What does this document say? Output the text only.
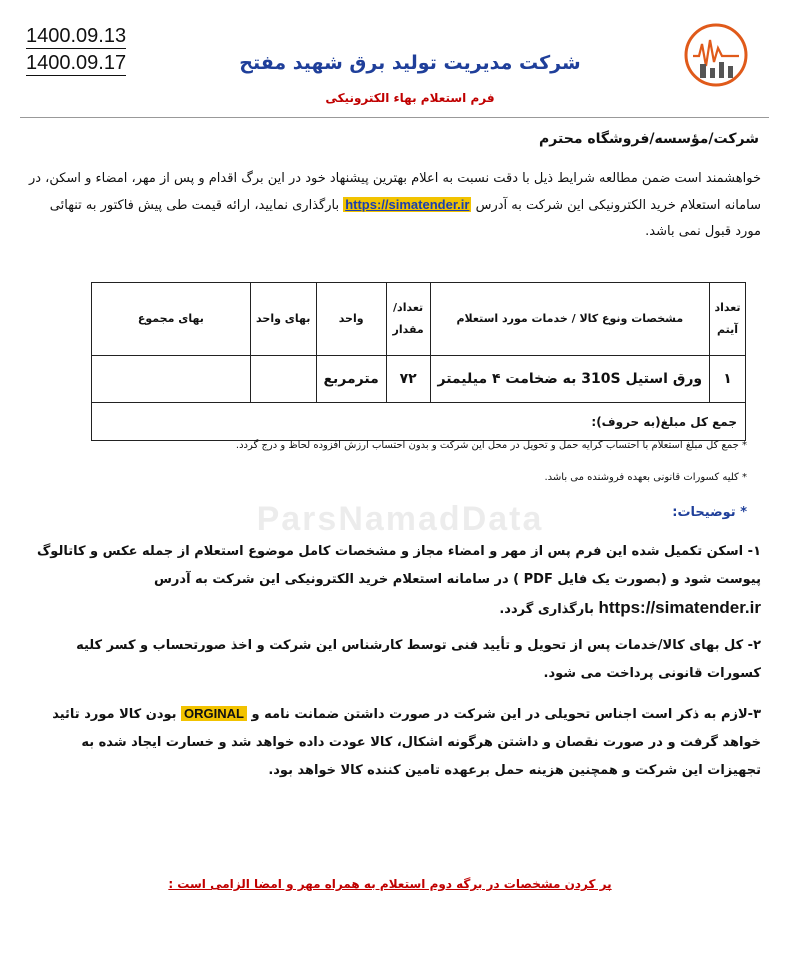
1400.09.13
1400.09.17	شرکت مدیریت تولید برق شهید مفتح
فرم استعلام بهاء الکترونیکی
شرکت/مؤسسه/فروشگاه محترم
خواهشمند است ضمن مطالعه شرایط ذیل با دقت نسبت به اعلام بهترین پیشنهاد خود در این برگ اقدام و پس از مهر، امضاء و اسکن، در سامانه استعلام خرید الکترونیکی این شرکت به آدرس https://simatender.ir بارگذاری نمایید، ارائه قیمت طی پیش فاکتور به تنهائی مورد قبول نمی باشد.
تعداد آیتم	مشخصات ونوع کالا / خدمات مورد استعلام	تعداد/ مقدار	واحد	بهای واحد	بهای مجموع
۱	ورق استیل 310S به ضخامت ۴ میلیمتر	۷۲	مترمربع		
جمع کل مبلغ(به حروف):					
* جمع کل مبلغ استعلام با احتساب کرایه حمل و تحویل در محل این شرکت و بدون احتساب ارزش افزوده لحاظ و درج گردد.
* کلیه کسورات قانونی بعهده فروشنده می باشد.
ParsNamadData	* توضیحات:
۱- اسکن تکمیل شده این فرم پس از مهر و امضاء مجاز و مشخصات کامل موضوع استعلام از جمله عکس و کاتالوگ پیوست شود و (بصورت یک فایل PDF ) در سامانه استعلام خرید الکترونیکی این شرکت به آدرس https://simatender.ir بارگذاری گردد.
۲- کل بهای کالا/خدمات پس از تحویل و تأیید فنی توسط کارشناس این شرکت و اخذ صورتحساب و کسر کلیه کسورات قانونی پرداخت می شود.
۳-لازم به ذکر است اجناس تحویلی در این شرکت در صورت داشتن ضمانت نامه و ORGINAL بودن کالا مورد تائید خواهد گرفت و در صورت نقصان و داشتن هرگونه اشکال، کالا عودت داده خواهد شد و خسارت ایجاد شده به تجهیزات این شرکت و همچنین هزینه حمل برعهده تامین کننده کالا خواهد بود.
پر کردن مشخصات در برگه دوم استعلام به همراه مهر و امضا الزامی است :
